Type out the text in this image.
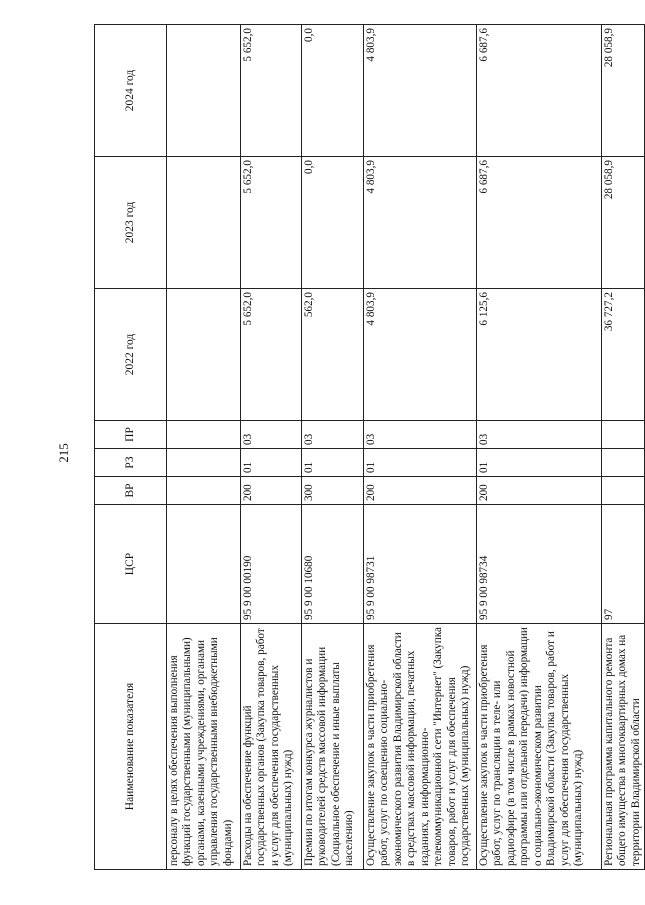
215
Наименование показателя	ЦСР	ВР	РЗ	ПР	2022 год	2023 год	2024 год
персоналу в целях обеспечения выполнения функций государственными (муниципальными) органами, казенными учреждениями, органами управления государственными внебюджетными фондами)							
Расходы на обеспечение функций государственных органов (Закупка товаров, работ и услуг для обеспечения государственных (муниципальных) нужд)	95 9 00 00190	200	01	03	5 652,0	5 652,0	5 652,0
Премии по итогам конкурса журналистов и руководителей средств массовой информации (Социальное обеспечение и иные выплаты населению)	95 9 00 10680	300	01	03	562,0	0,0	0,0
Осуществление закупок в части приобретения работ, услуг по освещению социально-экономического развития Владимирской области в средствах массовой информации, печатных изданиях, в информационно-телекоммуникационной сети "Интернет" (Закупка товаров, работ и услуг для обеспечения государственных (муниципальных) нужд)	95 9 00 98731	200	01	03	4 803,9	4 803,9	4 803,9
Осуществление закупок в части приобретения работ, услуг по трансляции в теле- или радиоэфире (в том числе в рамках новостной программы или отдельной передачи) информации о социально-экономическом развитии Владимирской области (Закупка товаров, работ и услуг для обеспечения государственных (муниципальных) нужд)	95 9 00 98734	200	01	03	6 125,6	6 687,6	6 687,6
Региональная программа капитального ремонта общего имущества в многоквартирных домах на территории Владимирской области	97				36 727,2	28 058,9	28 058,9
